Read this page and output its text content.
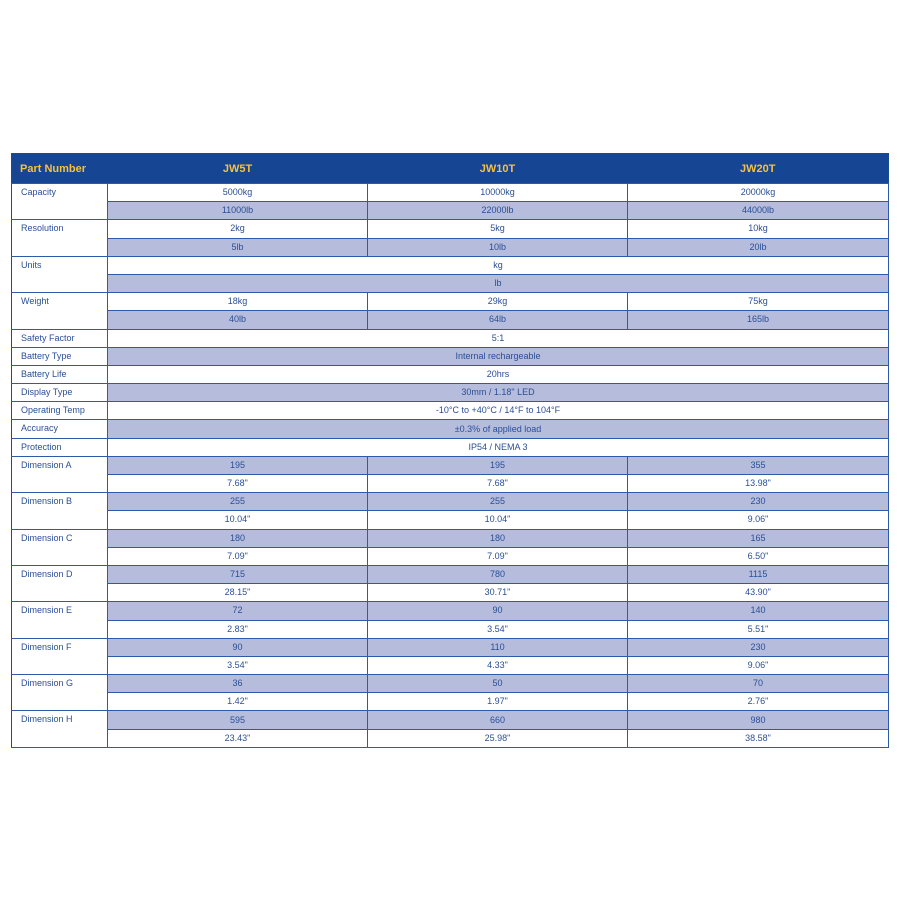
Part Number	JW5T	JW10T	JW20T
Capacity	5000kg	10000kg	20000kg
	11000lb	22000lb	44000lb
Resolution	2kg	5kg	10kg
	5lb	10lb	20lb
Units	kg		
	lb		
Weight	18kg	29kg	75kg
	40lb	64lb	165lb
Safety Factor	5:1		
Battery Type	Internal rechargeable		
Battery Life	20hrs		
Display Type	30mm / 1.18" LED		
Operating Temp	-10°C to +40°C / 14°F to 104°F		
Accuracy	±0.3% of applied load		
Protection	IP54 / NEMA 3		
Dimension A	195	195	355
	7.68"	7.68"	13.98"
Dimension B	255	255	230
	10.04"	10.04"	9.06"
Dimension C	180	180	165
	7.09"	7.09"	6.50"
Dimension D	715	780	1115
	28.15"	30.71"	43.90"
Dimension E	72	90	140
	2.83"	3.54"	5.51"
Dimension F	90	110	230
	3.54"	4.33"	9.06"
Dimension G	36	50	70
	1.42"	1.97"	2.76"
Dimension H	595	660	980
	23.43"	25.98"	38.58"
